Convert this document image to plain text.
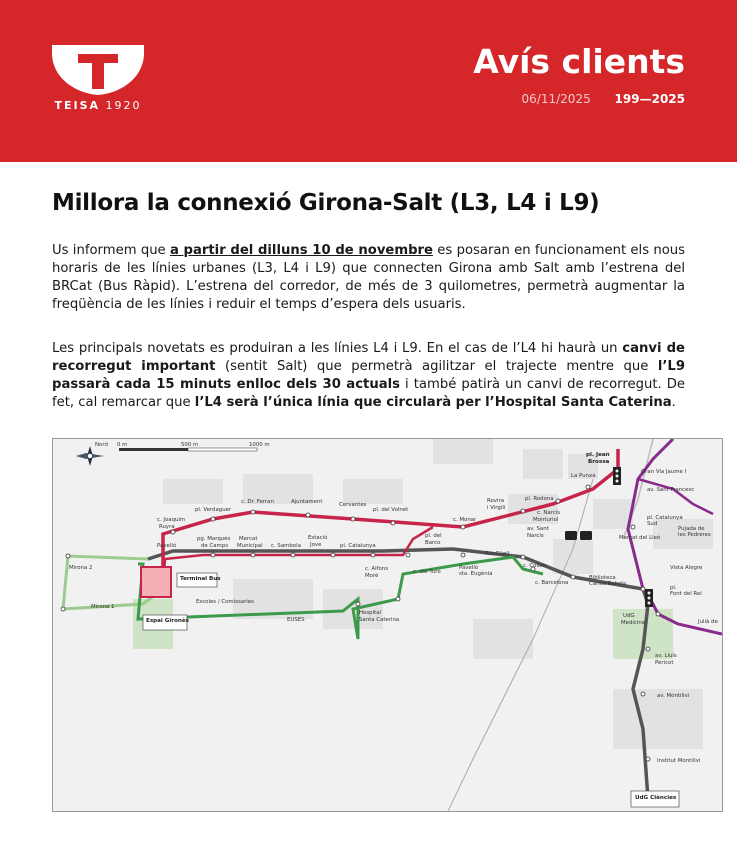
TEISA 1920
Avís clients
06/11/2025 199—2025
Millora la connexió Girona-Salt (L3, L4 i L9)
Us informem que a partir del dilluns 10 de novembre es posaran en funcionament els nous horaris de les línies urbanes (L3, L4 i L9) que connecten Girona amb Salt amb l’estrena del BRCat (Bus Ràpid). L’estrena del corredor, de més de 3 quilometres, permetrà augmentar la freqüència de les línies i reduir el temps d’espera dels usuaris.
Les principals novetats es produiran a les línies L4 i L9. En el cas de l’L4 hi haurà un canvi de recorregut important (sentit Salt) que permetrà agilitzar el trajecte mentre que l’L9 passarà cada 15 minuts enlloc dels 30 actuals i també patirà un canvi de recorregut. De fet, cal remarcar que l’L4 serà l’única línia que circularà per l’Hospital Santa Caterina.
Nord 0 m	500 m	1000 m
c. Joaquim
Ruyra
pl. Verdaguer
c. Dr. Ferran	Ajuntament	Cervantes
pl. del Volnet
c. Monar
Rovira
i Virgili
pl. Rodona
La Punxa
pl. Jean
Brossa
Gran Via Jaume I
av. Sant Francesc
pl. Catalunya
Sud
Pujada de
les Pedreres
Mercat del Lleó
Vista Alegre
pl.
Font del Rei
Julià de
Pavelló
pg. Marquès
de Camps
Mercat
Municipal c. Sambola
Estació
Jove	pl. Catalunya
pl. del
Barco
c. Narcís
Monturiol
av. Sant
Narcís
Riu Güell
c. Colom
c. Barcelona
Biblioteca
Carles Rahola
Pavelló
sta. Eugènia
c. Alfons
Moré
c. del Turó
Hospital
Santa Caterina
EUSES
Escoles / Comissaries
Terminal Bus
Espai Gironès
Mirona 2
Mirona 1
UdG
Medicina
av. Lluís
Pericot
av. Montilivi
Institut Montilivi
UdG Ciències
